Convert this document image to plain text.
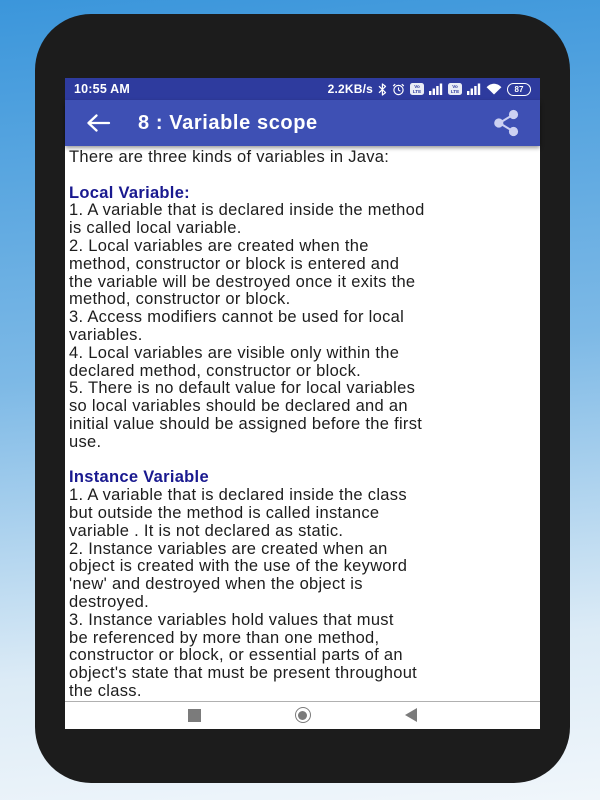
10:55 AM	2.2KB/s	Vo
LTE
Vo
LTE	87
8 : Variable scope
There are three kinds of variables in Java:
Local Variable:
1. A variable that is declared inside the method
is called local variable.
2. Local variables are created when the
method, constructor or block is entered and
the variable will be destroyed once it exits the
method, constructor or block.
3. Access modifiers cannot be used for local
variables.
4. Local variables are visible only within the
declared method, constructor or block.
5. There is no default value for local variables
so local variables should be declared and an
initial value should be assigned before the first
use.
Instance Variable
1. A variable that is declared inside the class
but outside the method is called instance
variable . It is not declared as static.
2. Instance variables are created when an
object is created with the use of the keyword
'new' and destroyed when the object is
destroyed.
3. Instance variables hold values that must
be referenced by more than one method,
constructor or block, or essential parts of an
object's state that must be present throughout
the class.
